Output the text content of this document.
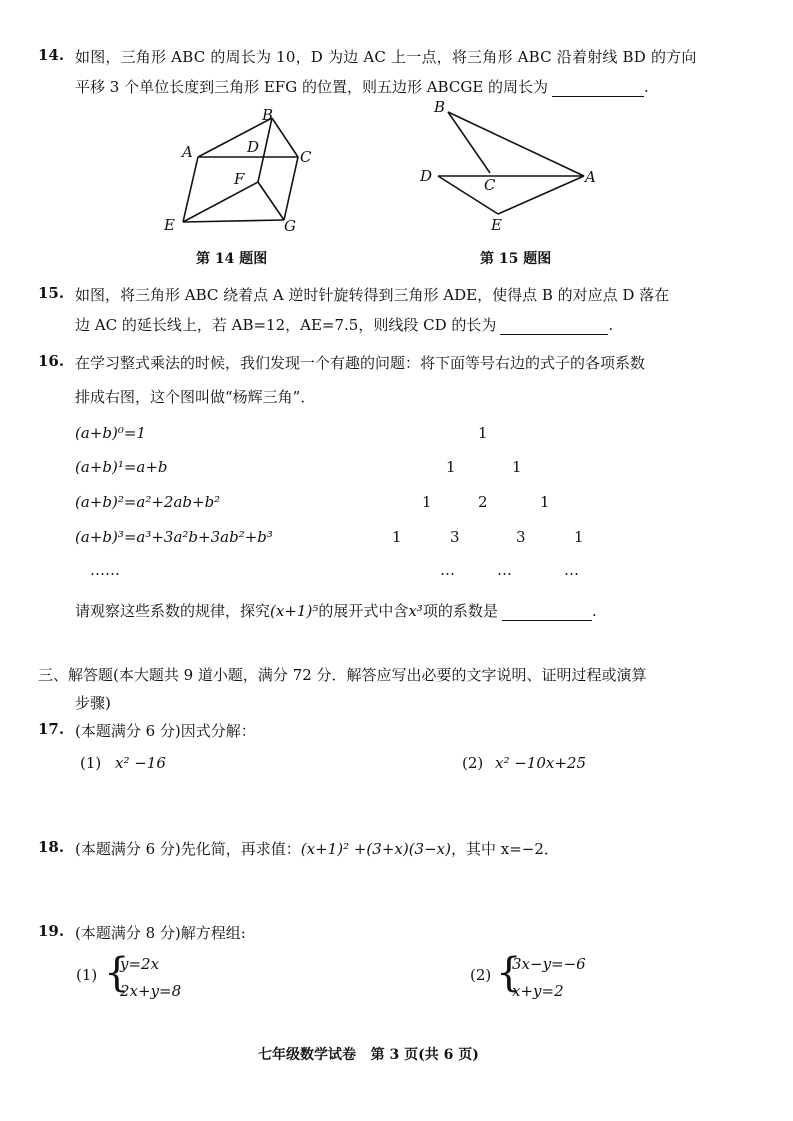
14. 如图，三角形 ABC 的周长为 10，D 为边 AC 上一点，将三角形 ABC 沿着射线 BD 的方向
平移 3 个单位长度到三角形 EFG 的位置，则五边形 ABCGE 的周长为	.
B
A	D
C
F
E	G
第 14 题图
B
D	C	A
E
第 15 题图
15. 如图，将三角形 ABC 绕着点 A 逆时针旋转得到三角形 ADE，使得点 B 的对应点 D 落在
边 AC 的延长线上，若 AB=12，AE=7.5，则线段 CD 的长为	.
16. 在学习整式乘法的时候，我们发现一个有趣的问题：将下面等号右边的式子的各项系数
排成右图，这个图叫做“杨辉三角”．
(a+b)⁰=1	1
(a+b)¹=a+b	1	1
(a+b)²=a²+2ab+b²	1	2	1
(a+b)³=a³+3a²b+3ab²+b³	1	3	3	1
……	…	…	…
请观察这些系数的规律，探究(x+1)⁵的展开式中含x³项的系数是	.
三、解答题(本大题共 9 道小题，满分 72 分．解答应写出必要的文字说明、证明过程或演算
步骤)
17. (本题满分 6 分)因式分解：
(1) x² −16	(2) x² −10x+25
18. (本题满分 6 分)先化简，再求值：(x+1)² +(3+x)(3−x)，其中 x=−2．
19. (本题满分 8 分)解方程组:
(1) {
y=2x
2x+y=8
(2) {
3x−y=−6
x+y=2
七年级数学试卷   第 3 页(共 6 页)
